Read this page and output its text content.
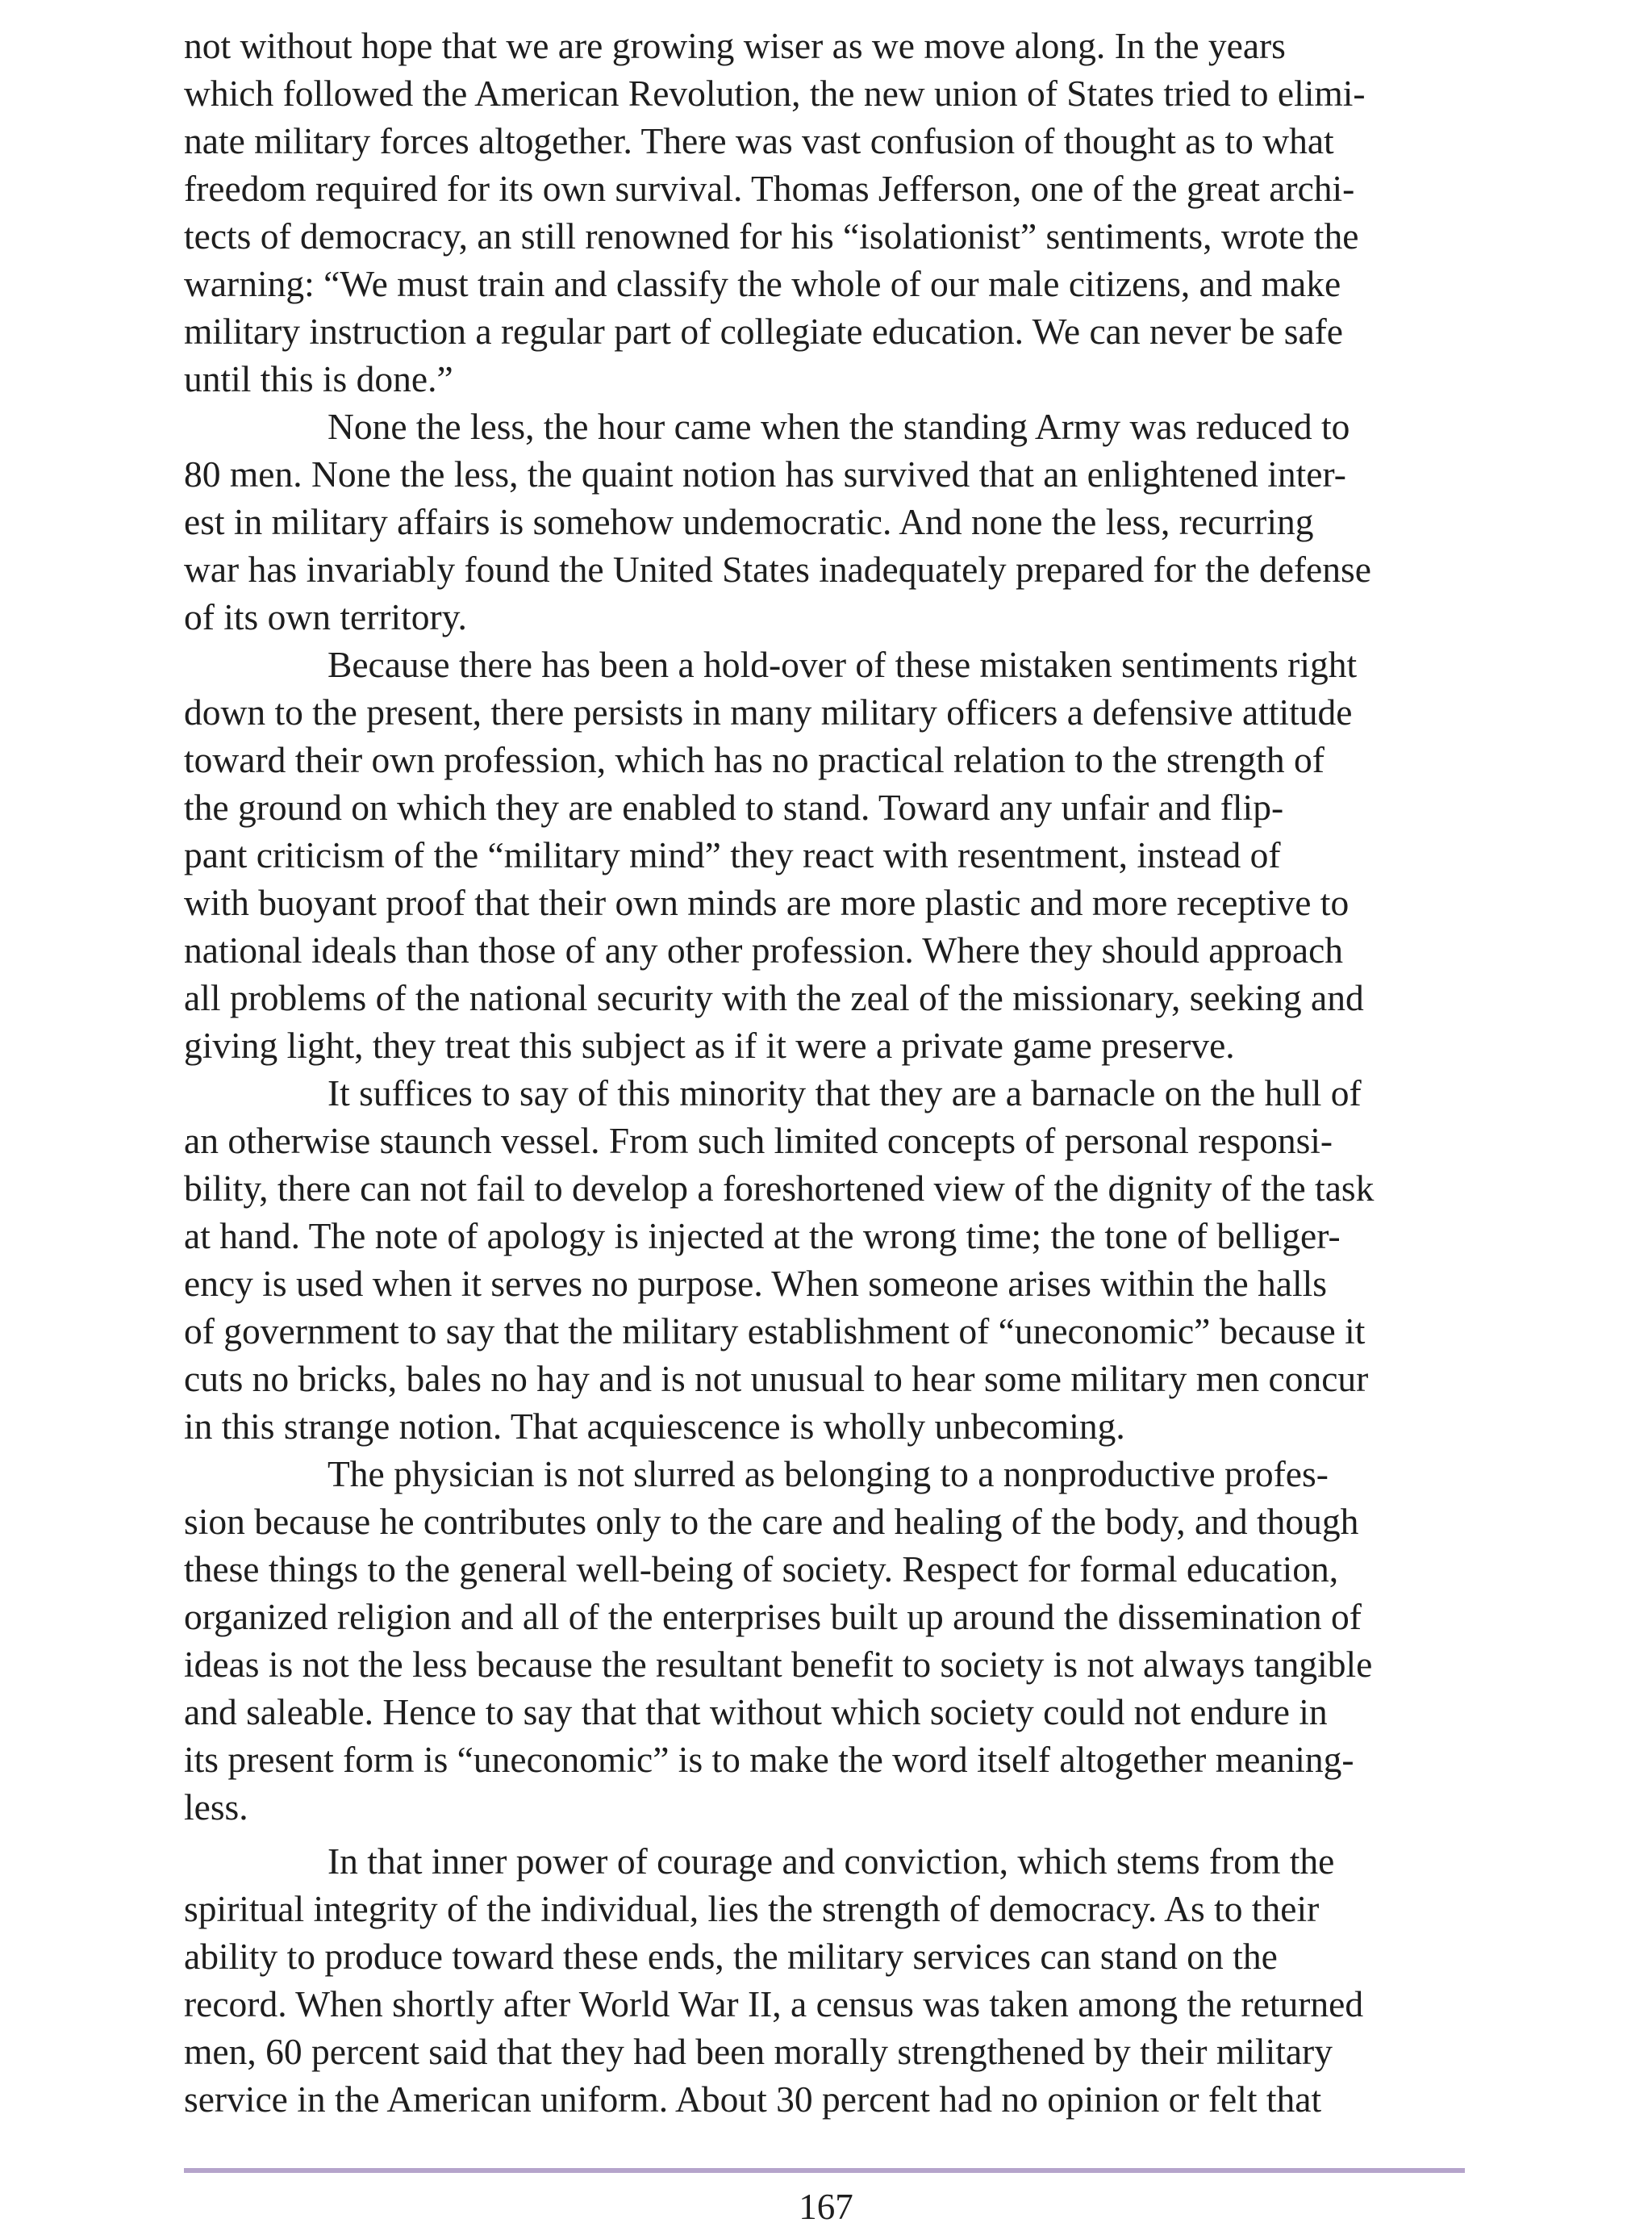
not without hope that we are growing wiser as we move along. In the years
which followed the American Revolution, the new union of States tried to elimi-
nate military forces altogether. There was vast confusion of thought as to what
freedom required for its own survival. Thomas Jefferson, one of the great archi-
tects of democracy, an still renowned for his “isolationist” sentiments, wrote the
warning: “We must train and classify the whole of our male citizens, and make
military instruction a regular part of collegiate education. We can never be safe
until this is done.”
None the less, the hour came when the standing Army was reduced to
80 men. None the less, the quaint notion has survived that an enlightened inter-
est in military affairs is somehow undemocratic. And none the less, recurring
war has invariably found the United States inadequately prepared for the defense
of its own territory.
Because there has been a hold-over of these mistaken sentiments right
down to the present, there persists in many military officers a defensive attitude
toward their own profession, which has no practical relation to the strength of
the ground on which they are enabled to stand. Toward any unfair and flip-
pant criticism of the “military mind” they react with resentment, instead of
with buoyant proof that their own minds are more plastic and more receptive to
national ideals than those of any other profession. Where they should approach
all problems of the national security with the zeal of the missionary, seeking and
giving light, they treat this subject as if it were a private game preserve.
It suffices to say of this minority that they are a barnacle on the hull of
an otherwise staunch vessel. From such limited concepts of personal responsi-
bility, there can not fail to develop a foreshortened view of the dignity of the task
at hand. The note of apology is injected at the wrong time; the tone of belliger-
ency is used when it serves no purpose. When someone arises within the halls
of government to say that the military establishment of “uneconomic” because it
cuts no bricks, bales no hay and is not unusual to hear some military men concur
in this strange notion. That acquiescence is wholly unbecoming.
The physician is not slurred as belonging to a nonproductive profes-
sion because he contributes only to the care and healing of the body, and though
these things to the general well-being of society. Respect for formal education,
organized religion and all of the enterprises built up around the dissemination of
ideas is not the less because the resultant benefit to society is not always tangible
and saleable. Hence to say that that without which society could not endure in
its present form is “uneconomic” is to make the word itself altogether meaning-
less.
In that inner power of courage and conviction, which stems from the
spiritual integrity of the individual, lies the strength of democracy. As to their
ability to produce toward these ends, the military services can stand on the
record. When shortly after World War II, a census was taken among the returned
men, 60 percent said that they had been morally strengthened by their military
service in the American uniform. About 30 percent had no opinion or felt that
167
